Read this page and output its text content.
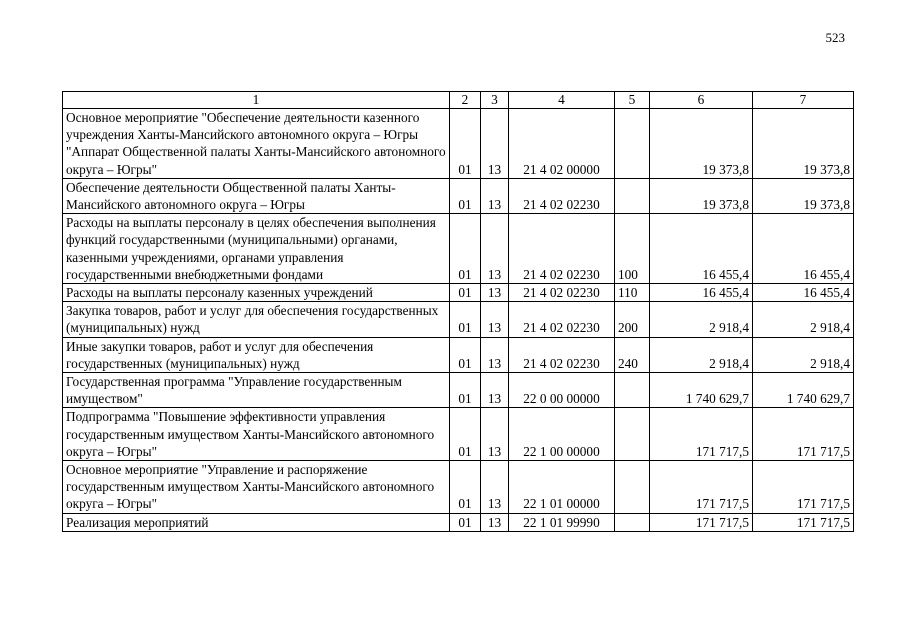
523
1	2	3	4	5	6	7
Основное мероприятие "Обеспечение деятельности казенного учреждения Ханты-Мансийского автономного округа – Югры "Аппарат Общественной палаты Ханты-Мансийского автономного округа – Югры"	01	13	21 4 02 00000		19 373,8	19 373,8
Обеспечение деятельности Общественной палаты Ханты-Мансийского автономного округа – Югры	01	13	21 4 02 02230		19 373,8	19 373,8
Расходы на выплаты персоналу в целях обеспечения выполнения функций государственными (муниципальными) органами, казенными учреждениями, органами управления государственными внебюджетными фондами	01	13	21 4 02 02230	100	16 455,4	16 455,4
Расходы на выплаты персоналу казенных учреждений	01	13	21 4 02 02230	110	16 455,4	16 455,4
Закупка товаров, работ и услуг для обеспечения государственных (муниципальных) нужд	01	13	21 4 02 02230	200	2 918,4	2 918,4
Иные закупки товаров, работ и услуг для обеспечения государственных (муниципальных) нужд	01	13	21 4 02 02230	240	2 918,4	2 918,4
Государственная программа "Управление государственным имуществом"	01	13	22 0 00 00000		1 740 629,7	1 740 629,7
Подпрограмма "Повышение эффективности управления государственным имуществом Ханты-Мансийского автономного округа – Югры"	01	13	22 1 00 00000		171 717,5	171 717,5
Основное мероприятие "Управление и распоряжение государственным имуществом Ханты-Мансийского автономного округа – Югры"	01	13	22 1 01 00000		171 717,5	171 717,5
Реализация мероприятий	01	13	22 1 01 99990		171 717,5	171 717,5
